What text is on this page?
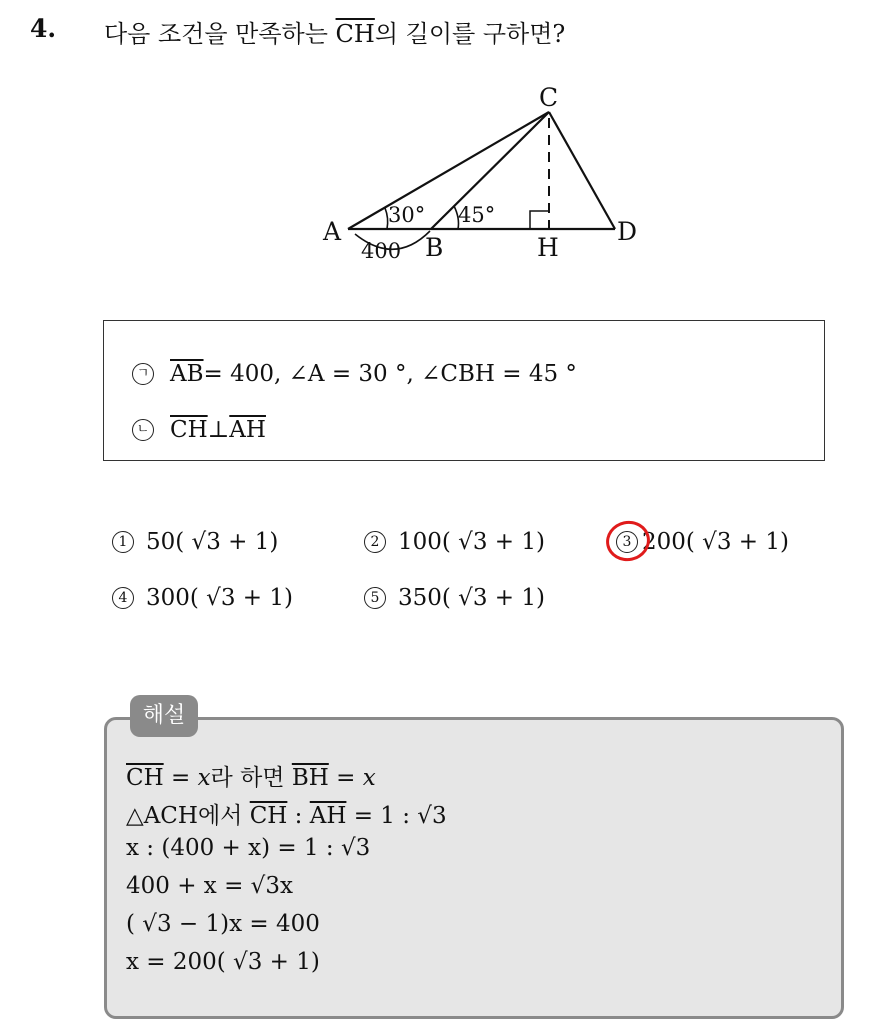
4. 다음 조건을 만족하는 $\overline{CH}$의 길이를 구하면?
C
A
B	H
D
30° 45°
400
ㄱ $\overline{AB} = 400$, ∠A = 30 °, ∠CBH = 45 °
ㄴ $\overline{CH}$ ⊥ $\overline{AH}$
1 50( √3 + 1)	2 100( √3 + 1)	3 200( √3 + 1)
4 300( √3 + 1)	5 350( √3 + 1)
해설
$\overline{CH} = x$라 하면 $\overline{BH} = x$
△ACH에서 $\overline{CH}$ : $\overline{AH} = 1$ : √3
x : (400 + x) = 1 : √3
400 + x = √3x
( √3 − 1)x = 400
x = 200( √3 + 1)
